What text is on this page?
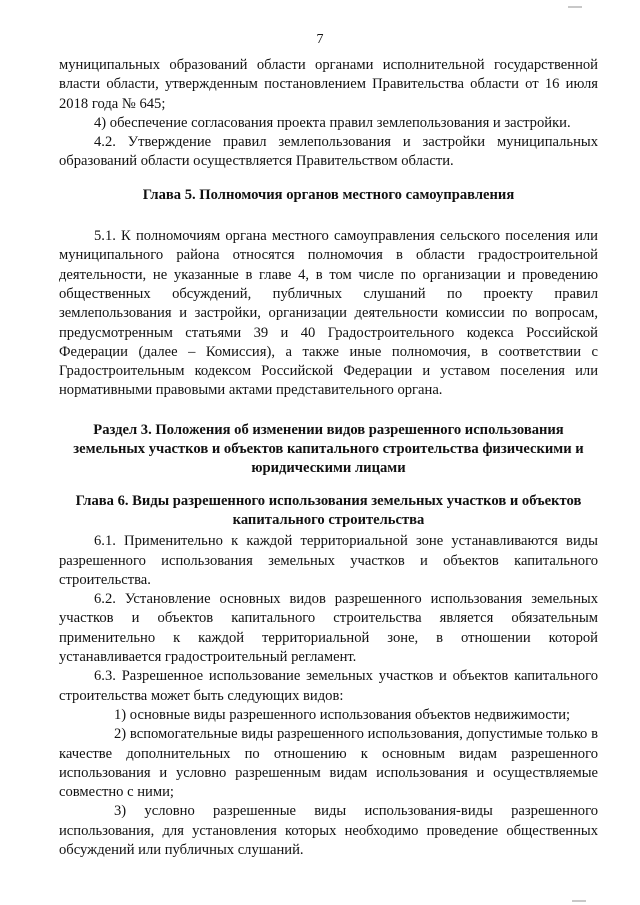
7
муниципальных образований области органами исполнительной государственной власти области, утвержденным постановлением Правительства области от 16 июля 2018 года № 645;
4) обеспечение согласования проекта правил землепользования и застройки.
4.2. Утверждение правил землепользования и застройки муниципальных образований области осуществляется Правительством области.
Глава 5. Полномочия органов местного самоуправления
5.1. К полномочиям органа местного самоуправления сельского поселения или муниципального района относятся полномочия в области градостроительной деятельности, не указанные в главе 4, в том числе по организации и проведению общественных обсуждений, публичных слушаний по проекту правил землепользования и застройки, организации деятельности комиссии по вопросам, предусмотренным статьями 39 и 40 Градостроительного кодекса Российской Федерации (далее – Комиссия), а также иные полномочия, в соответствии с Градостроительным кодексом Российской Федерации и уставом поселения или нормативными правовыми актами представительного органа.
Раздел 3. Положения об изменении видов разрешенного использования земельных участков и объектов капитального строительства физическими и юридическими лицами
Глава 6. Виды разрешенного использования земельных участков и объектов капитального строительства
6.1. Применительно к каждой территориальной зоне устанавливаются виды разрешенного использования земельных участков и объектов капитального строительства.
6.2. Установление основных видов разрешенного использования земельных участков и объектов капитального строительства является обязательным применительно к каждой территориальной зоне, в отношении которой устанавливается градостроительный регламент.
6.3. Разрешенное использование земельных участков и объектов капитального строительства может быть следующих видов:
1) основные виды разрешенного использования объектов недвижимости;
2) вспомогательные виды разрешенного использования, допустимые только в качестве дополнительных по отношению к основным видам разрешенного использования и условно разрешенным видам использования и осуществляемые совместно с ними;
3) условно разрешенные виды использования-виды разрешенного использования, для установления которых необходимо проведение общественных обсуждений или публичных слушаний.
